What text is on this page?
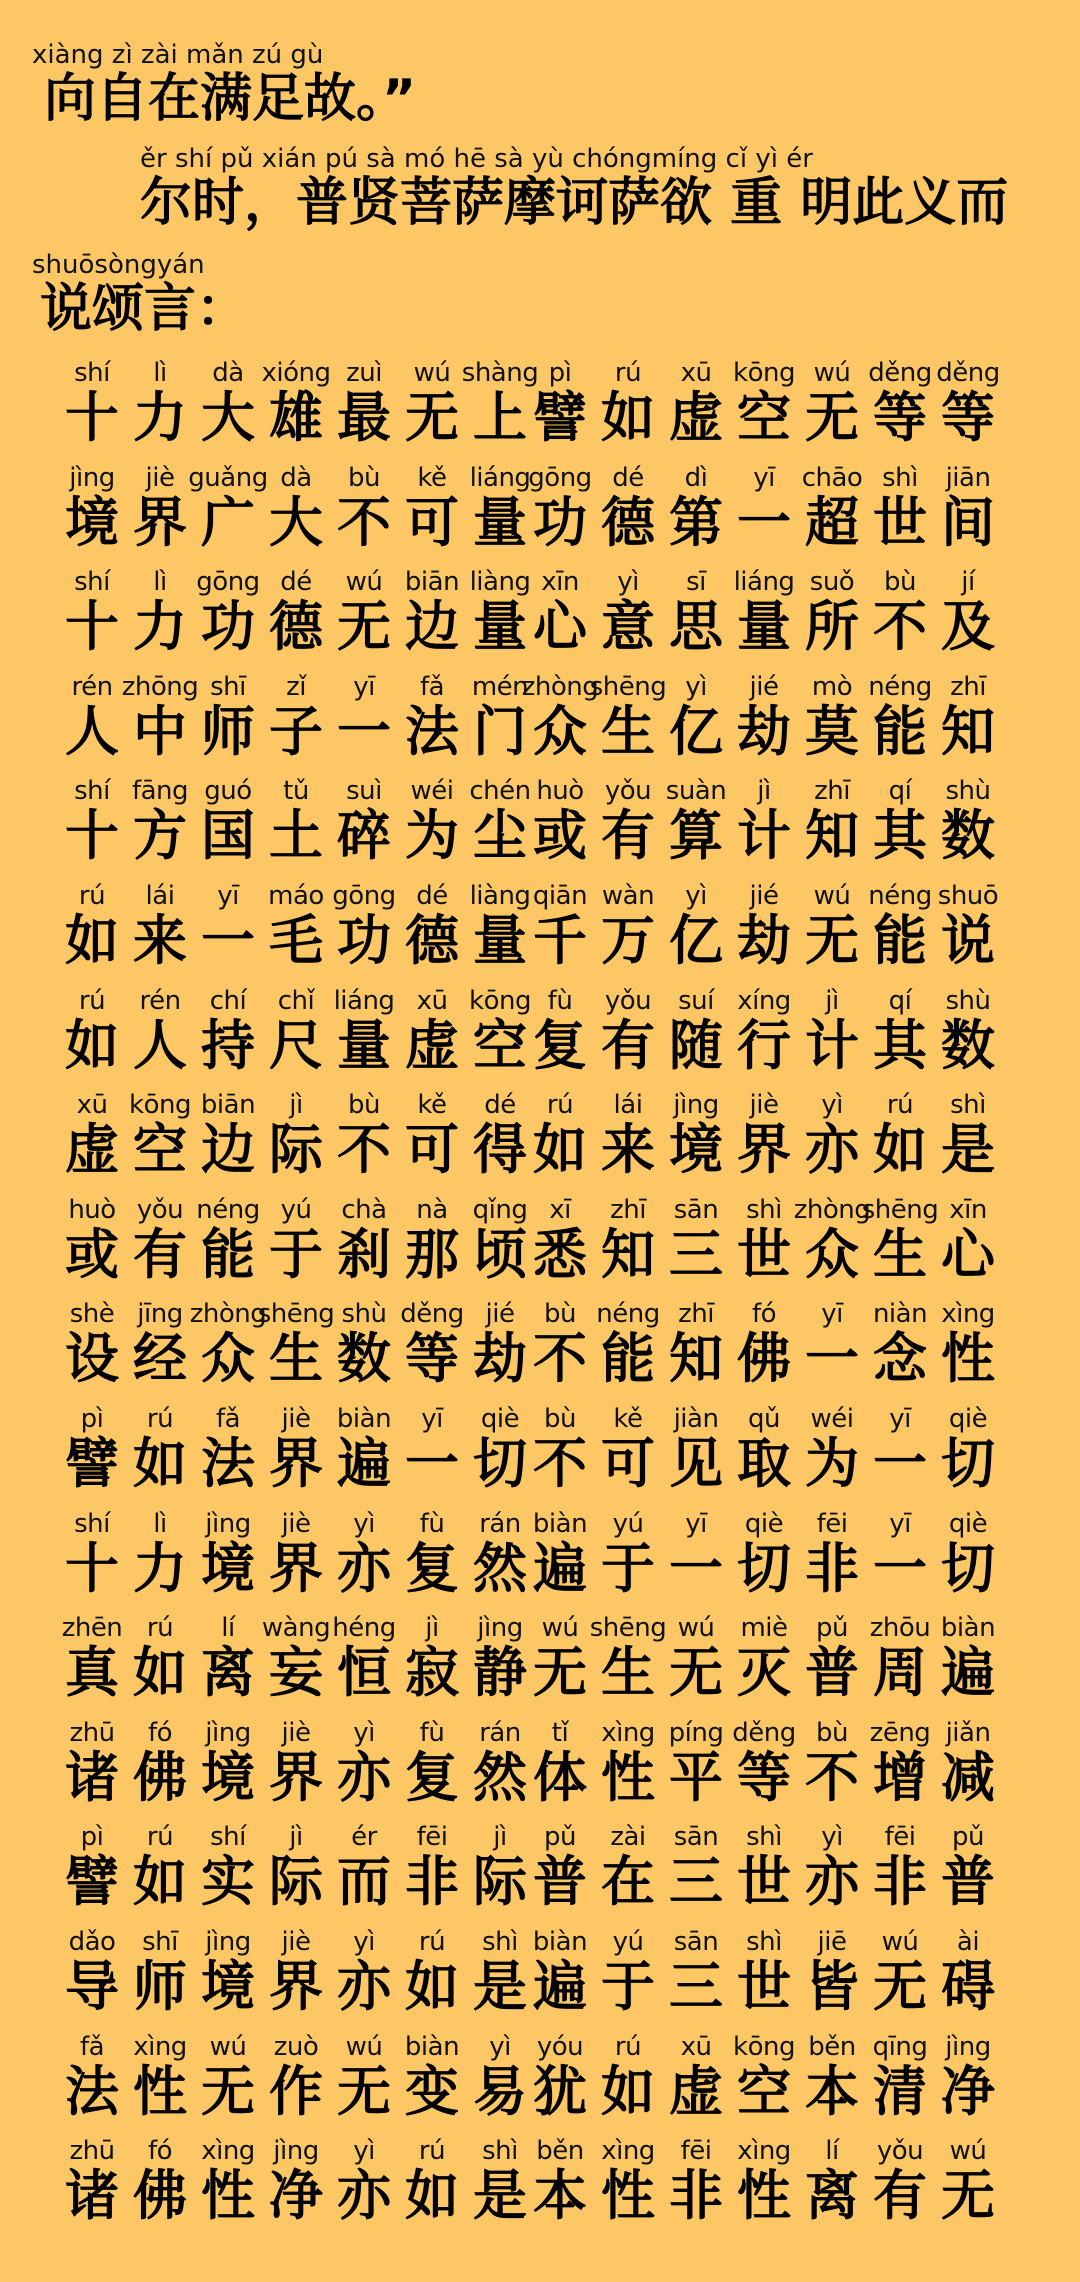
xiàng zì zài mǎn zú gù
向自在满足故。”
ěr shí pǔ xián pú sà mó hē sà yù chóngmíng cǐ yì ér
尔时，普贤菩萨摩诃萨欲 重 明此义而
shuōsòngyán
说颂言：
shí
十
lì
力
dà
大
xióng
雄
zuì
最
wú
无
shàng
上
pì
譬
rú
如
xū
虚
kōng
空
wú
无
děng
等
děng
等
jìng
境
jiè
界
guǎng
广
dà
大
bù
不
kě
可
liáng
量
gōng
功
dé
德
dì
第
yī
一
chāo
超
shì
世
jiān
间
shí
十
lì
力
gōng
功
dé
德
wú
无
biān
边
liàng
量
xīn
心
yì
意
sī
思
liáng
量
suǒ
所
bù
不
jí
及
rén
人
zhōng
中
shī
师
zǐ
子
yī
一
fǎ
法
mén
门
zhòng
众
shēng
生
yì
亿
jié
劫
mò
莫
néng
能
zhī
知
shí
十
fāng
方
guó
国
tǔ
土
suì
碎
wéi
为
chén
尘
huò
或
yǒu
有
suàn
算
jì
计
zhī
知
qí
其
shù
数
rú
如
lái
来
yī
一
máo
毛
gōng
功
dé
德
liàng
量
qiān
千
wàn
万
yì
亿
jié
劫
wú
无
néng
能
shuō
说
rú
如
rén
人
chí
持
chǐ
尺
liáng
量
xū
虚
kōng
空
fù
复
yǒu
有
suí
随
xíng
行
jì
计
qí
其
shù
数
xū
虚
kōng
空
biān
边
jì
际
bù
不
kě
可
dé
得
rú
如
lái
来
jìng
境
jiè
界
yì
亦
rú
如
shì
是
huò
或
yǒu
有
néng
能
yú
于
chà
刹
nà
那
qǐng
顷
xī
悉
zhī
知
sān
三
shì
世
zhòng
众
shēng
生
xīn
心
shè
设
jīng
经
zhòng
众
shēng
生
shù
数
děng
等
jié
劫
bù
不
néng
能
zhī
知
fó
佛
yī
一
niàn
念
xìng
性
pì
譬
rú
如
fǎ
法
jiè
界
biàn
遍
yī
一
qiè
切
bù
不
kě
可
jiàn
见
qǔ
取
wéi
为
yī
一
qiè
切
shí
十
lì
力
jìng
境
jiè
界
yì
亦
fù
复
rán
然
biàn
遍
yú
于
yī
一
qiè
切
fēi
非
yī
一
qiè
切
zhēn
真
rú
如
lí
离
wàng
妄
héng
恒
jì
寂
jìng
静
wú
无
shēng
生
wú
无
miè
灭
pǔ
普
zhōu
周
biàn
遍
zhū
诸
fó
佛
jìng
境
jiè
界
yì
亦
fù
复
rán
然
tǐ
体
xìng
性
píng
平
děng
等
bù
不
zēng
增
jiǎn
减
pì
譬
rú
如
shí
实
jì
际
ér
而
fēi
非
jì
际
pǔ
普
zài
在
sān
三
shì
世
yì
亦
fēi
非
pǔ
普
dǎo
导
shī
师
jìng
境
jiè
界
yì
亦
rú
如
shì
是
biàn
遍
yú
于
sān
三
shì
世
jiē
皆
wú
无
ài
碍
fǎ
法
xìng
性
wú
无
zuò
作
wú
无
biàn
变
yì
易
yóu
犹
rú
如
xū
虚
kōng
空
běn
本
qīng
清
jìng
净
zhū
诸
fó
佛
xìng
性
jìng
净
yì
亦
rú
如
shì
是
běn
本
xìng
性
fēi
非
xìng
性
lí
离
yǒu
有
wú
无
